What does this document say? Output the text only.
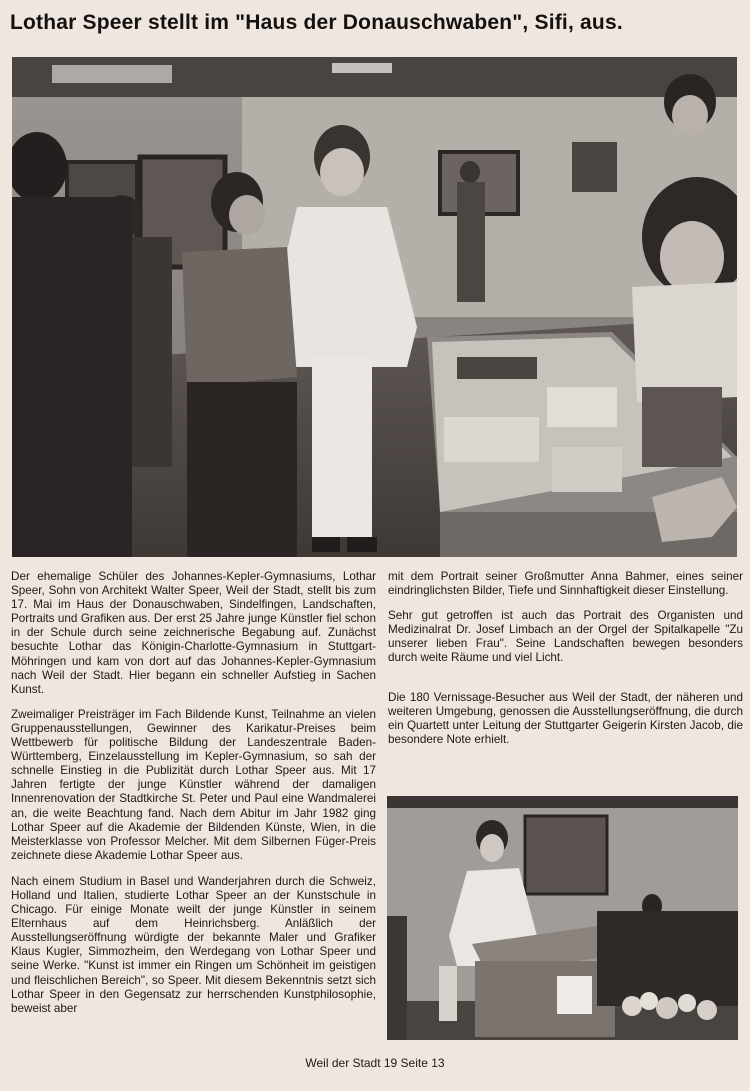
Lothar Speer stellt im "Haus der Donauschwaben", Sifi, aus.

Der ehemalige Schüler des Johannes-Kepler-Gymnasiums, Lothar Speer, Sohn von Architekt Walter Speer, Weil der Stadt, stellt bis zum 17. Mai im Haus der Donauschwaben, Sindelfingen, Landschaften, Portraits und Grafiken aus. Der erst 25 Jahre junge Künstler fiel schon in der Schule durch seine zeichnerische Begabung auf. Zunächst besuchte Lothar das Königin-Charlotte-Gymnasium in Stuttgart-Möhringen und kam von dort auf das Johannes-Kepler-Gymnasium nach Weil der Stadt. Hier begann ein schneller Aufstieg in Sachen Kunst.

Zweimaliger Preisträger im Fach Bildende Kunst, Teilnahme an vielen Gruppenausstellungen, Gewinner des Karikatur-Preises beim Wettbewerb für politische Bildung der Landeszentrale Baden-Württemberg, Einzelausstellung im Kepler-Gymnasium, so sah der schnelle Einstieg in die Publizität durch Lothar Speer aus. Mit 17 Jahren fertigte der junge Künstler während der damaligen Innenrenovation der Stadtkirche St. Peter und Paul eine Wandmalerei an, die weite Beachtung fand. Nach dem Abitur im Jahr 1982 ging Lothar Speer auf die Akademie der Bildenden Künste, Wien, in die Meisterklasse von Professor Melcher. Mit dem Silbernen Füger-Preis zeichnete diese Akademie Lothar Speer aus.

Nach einem Studium in Basel und Wanderjahren durch die Schweiz, Holland und Italien, studierte Lothar Speer an der Kunstschule in Chicago. Für einige Monate weilt der junge Künstler in seinem Elternhaus auf dem Heinrichsberg. Anläßlich der Ausstellungseröffnung würdigte der bekannte Maler und Grafiker Klaus Kugler, Simmozheim, den Werdegang von Lothar Speer und seine Werke. "Kunst ist immer ein Ringen um Schönheit im geistigen und fleischlichen Bereich", so Speer. Mit diesem Bekenntnis setzt sich Lothar Speer in den Gegensatz zur herrschenden Kunstphilosophie, beweist aber

mit dem Portrait seiner Großmutter Anna Bahmer, eines seiner eindringlichsten Bilder, Tiefe und Sinnhaftigkeit dieser Einstellung.

Sehr gut getroffen ist auch das Portrait des Organisten und Medizinalrat Dr. Josef Limbach an der Orgel der Spitalkapelle "Zu unserer lieben Frau". Seine Landschaften bewegen besonders durch weite Räume und viel Licht.

Die 180 Vernissage-Besucher aus Weil der Stadt, der näheren und weiteren Umgebung, genossen die Ausstellungseröffnung, die durch ein Quartett unter Leitung der Stuttgarter Geigerin Kirsten Jacob, die besondere Note erhielt.

Weil der Stadt 19 Seite 13
